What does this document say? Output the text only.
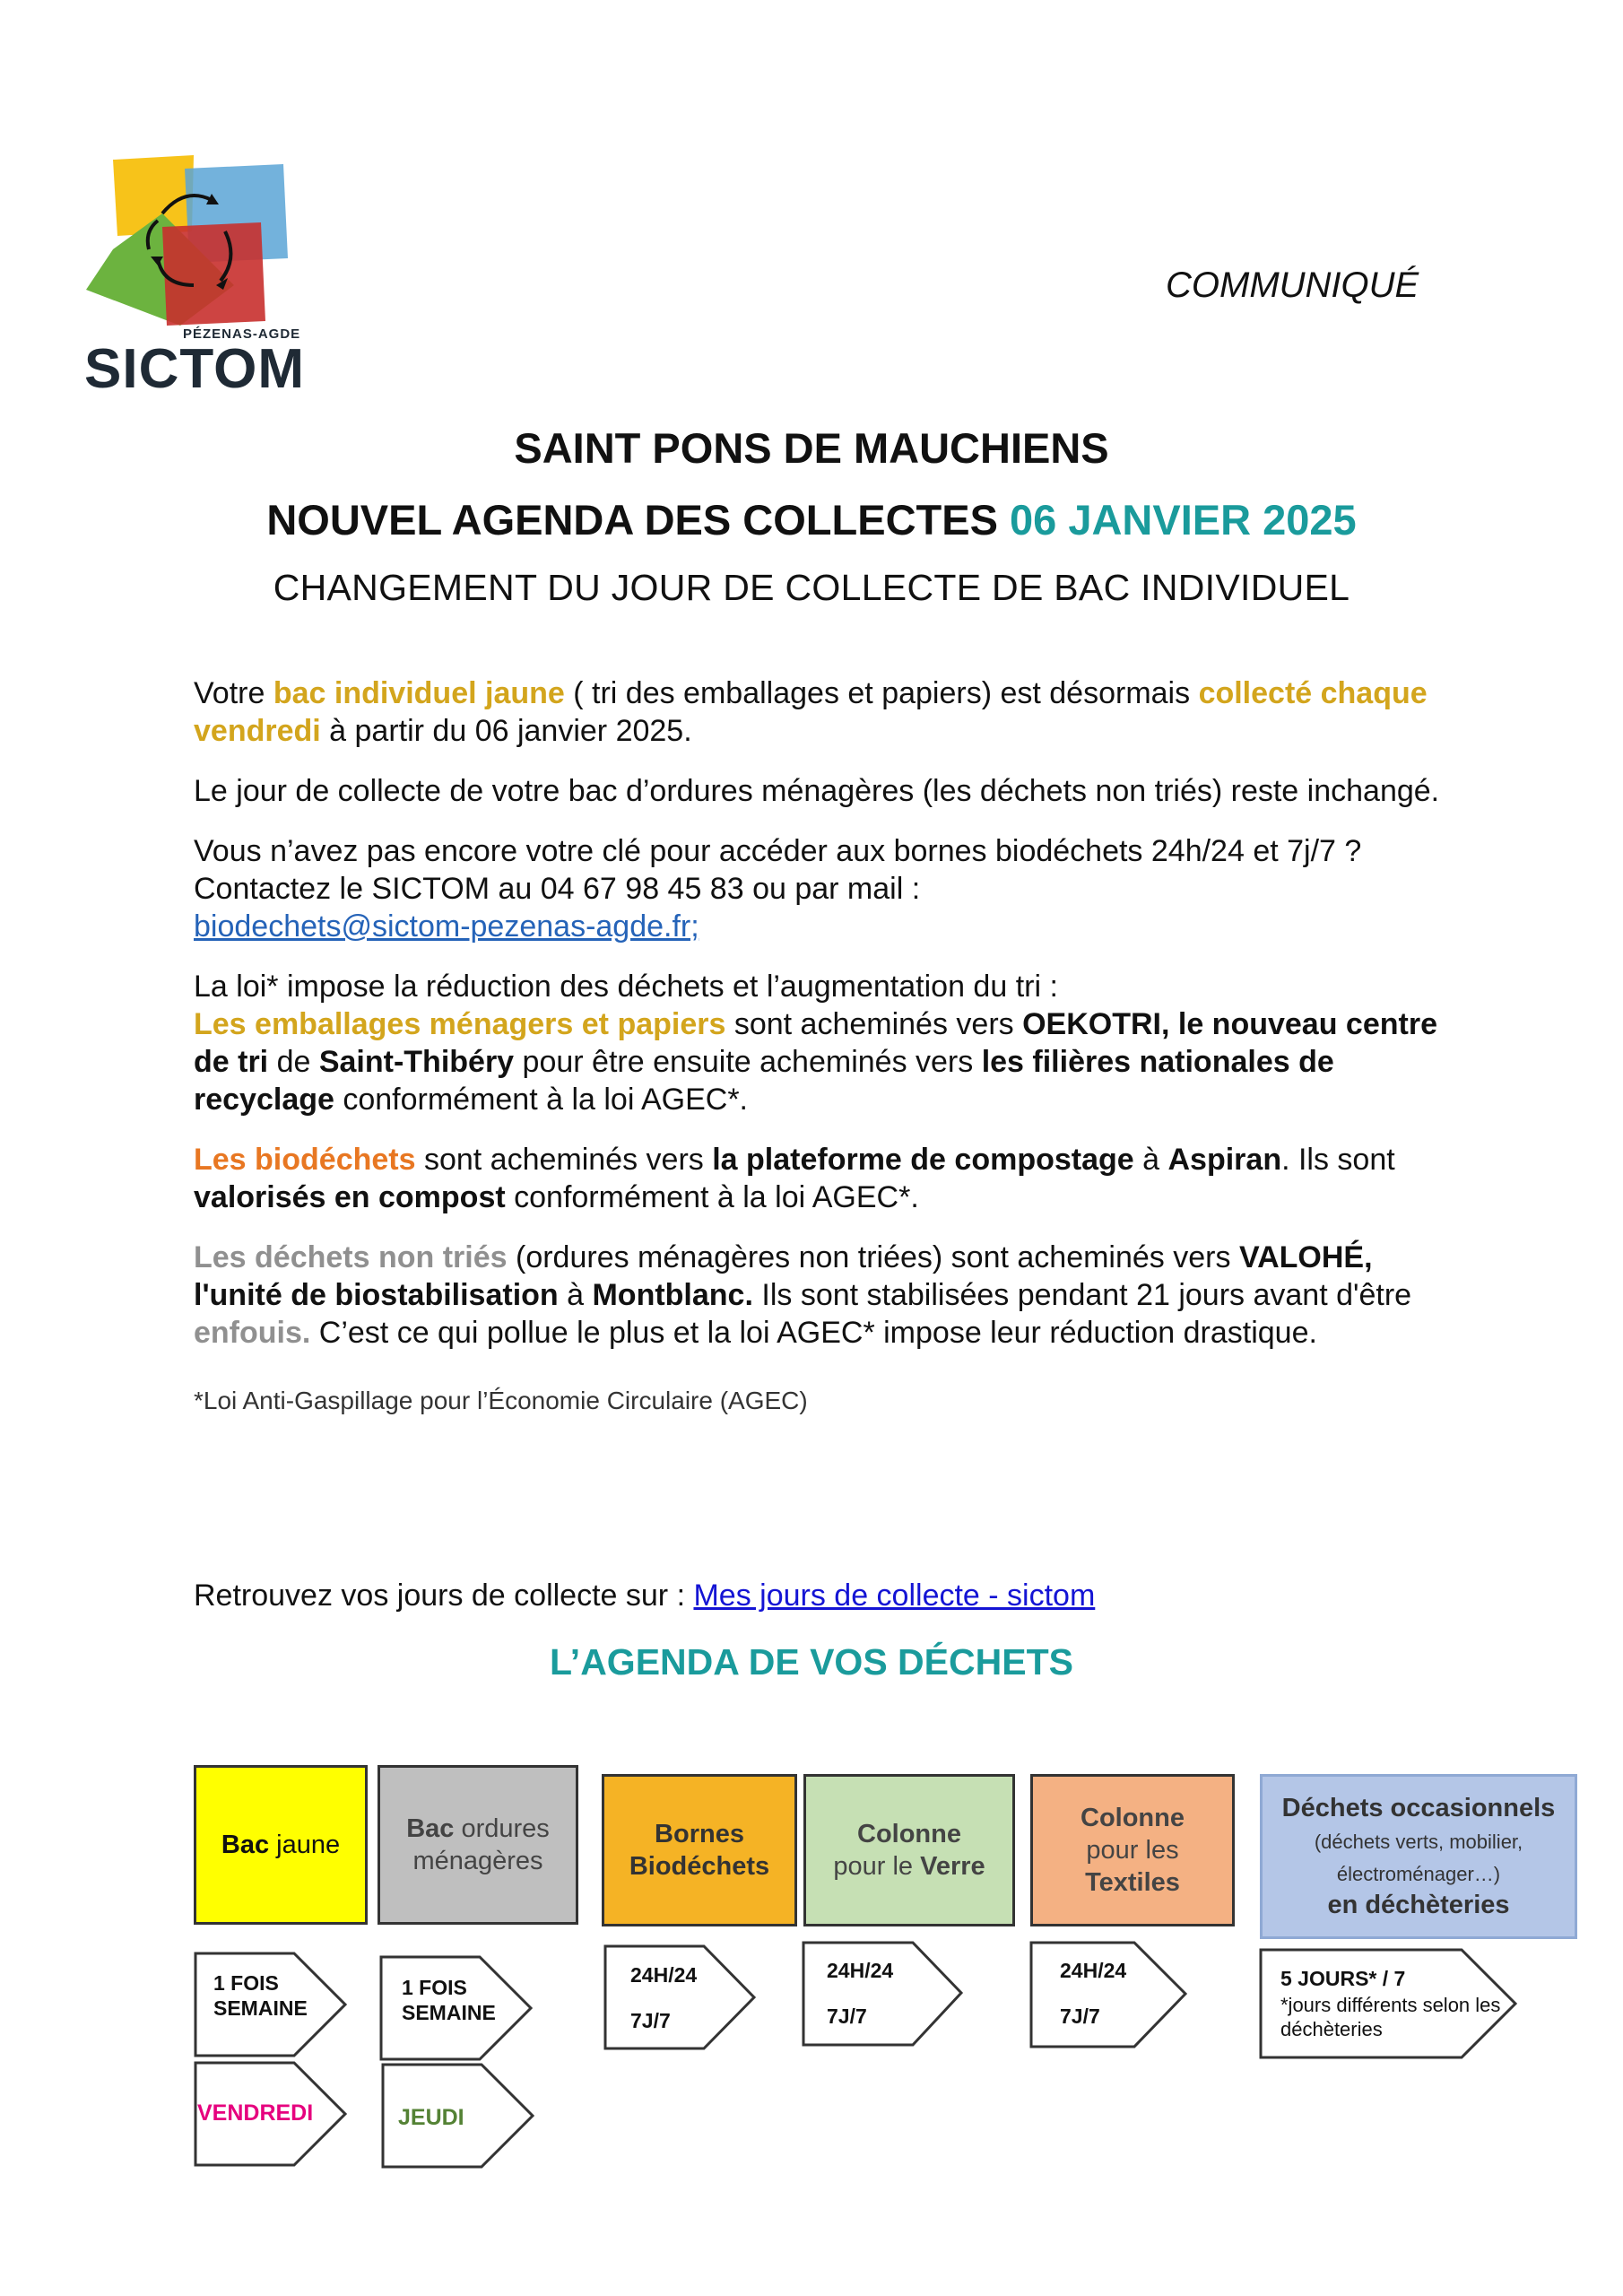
PÉZENAS-AGDE
SICTOM
COMMUNIQUÉ
SAINT PONS DE MAUCHIENS
NOUVEL AGENDA DES COLLECTES 06 JANVIER 2025
CHANGEMENT DU JOUR DE COLLECTE DE BAC INDIVIDUEL

Votre bac individuel jaune ( tri des emballages et papiers) est désormais collecté chaque vendredi à partir du 06 janvier 2025.

Le jour de collecte de votre bac d’ordures ménagères (les déchets non triés) reste inchangé.

Vous n’avez pas encore votre clé pour accéder aux bornes biodéchets 24h/24 et 7j/7 ? Contactez le SICTOM au 04 67 98 45 83 ou par mail :
biodechets@sictom-pezenas-agde.fr;

La loi* impose la réduction des déchets et l’augmentation du tri :
Les emballages ménagers et papiers sont acheminés vers OEKOTRI, le nouveau centre de tri de Saint-Thibéry pour être ensuite acheminés vers les filières nationales de recyclage conformément à la loi AGEC*.

Les biodéchets sont acheminés vers la plateforme de compostage à Aspiran. Ils sont valorisés en compost conformément à la loi AGEC*.

Les déchets non triés (ordures ménagères non triées) sont acheminés vers VALOHÉ, l'unité de biostabilisation à Montblanc. Ils sont stabilisées pendant 21 jours avant d'être enfouis. C’est ce qui pollue le plus et la loi AGEC* impose leur réduction drastique.

*Loi Anti-Gaspillage pour l’Économie Circulaire (AGEC)

Retrouvez vos jours de collecte sur : Mes jours de collecte - sictom
L’AGENDA DE VOS DÉCHETS
Bac jaune
Bac ordures ménagères
Bornes Biodéchets
Colonne
pour le Verre
Colonne
pour les
Textiles
Déchets occasionnels (déchets verts, mobilier, électroménager…)
en déchèteries
1 FOIS SEMAINE
VENDREDI
1 FOIS SEMAINE
JEUDI
24H/24
7J/7
24H/24
7J/7
24H/24
7J/7
5 JOURS* / 7
*jours différents selon les déchèteries
